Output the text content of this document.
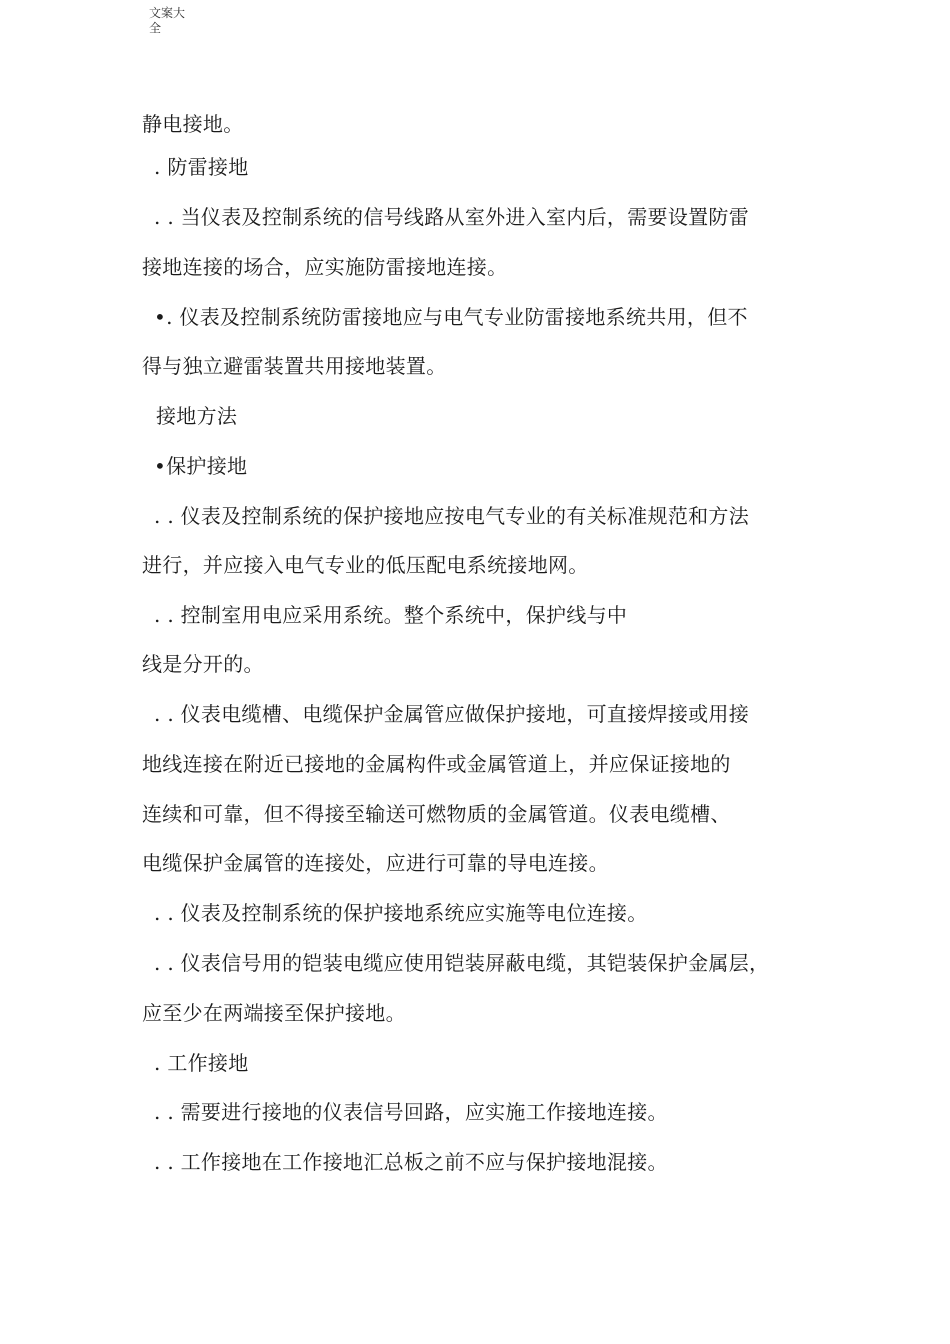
文案大
全
静电接地。
. 防雷接地
. . 当仪表及控制系统的信号线路从室外进入室内后，需要设置防雷
接地连接的场合，应实施防雷接地连接。
•. 仪表及控制系统防雷接地应与电气专业防雷接地系统共用，但不
得与独立避雷装置共用接地装置。
接地方法
•保护接地
. . 仪表及控制系统的保护接地应按电气专业的有关标准规范和方法
进行，并应接入电气专业的低压配电系统接地网。
. . 控制室用电应采用系统。整个系统中，保护线与中
线是分开的。
. . 仪表电缆槽、电缆保护金属管应做保护接地，可直接焊接或用接
地线连接在附近已接地的金属构件或金属管道上，并应保证接地的
连续和可靠，但不得接至输送可燃物质的金属管道。仪表电缆槽、
电缆保护金属管的连接处，应进行可靠的导电连接。
. . 仪表及控制系统的保护接地系统应实施等电位连接。
. . 仪表信号用的铠装电缆应使用铠装屏蔽电缆，其铠装保护金属层，
应至少在两端接至保护接地。
. 工作接地
. . 需要进行接地的仪表信号回路，应实施工作接地连接。
. . 工作接地在工作接地汇总板之前不应与保护接地混接。
